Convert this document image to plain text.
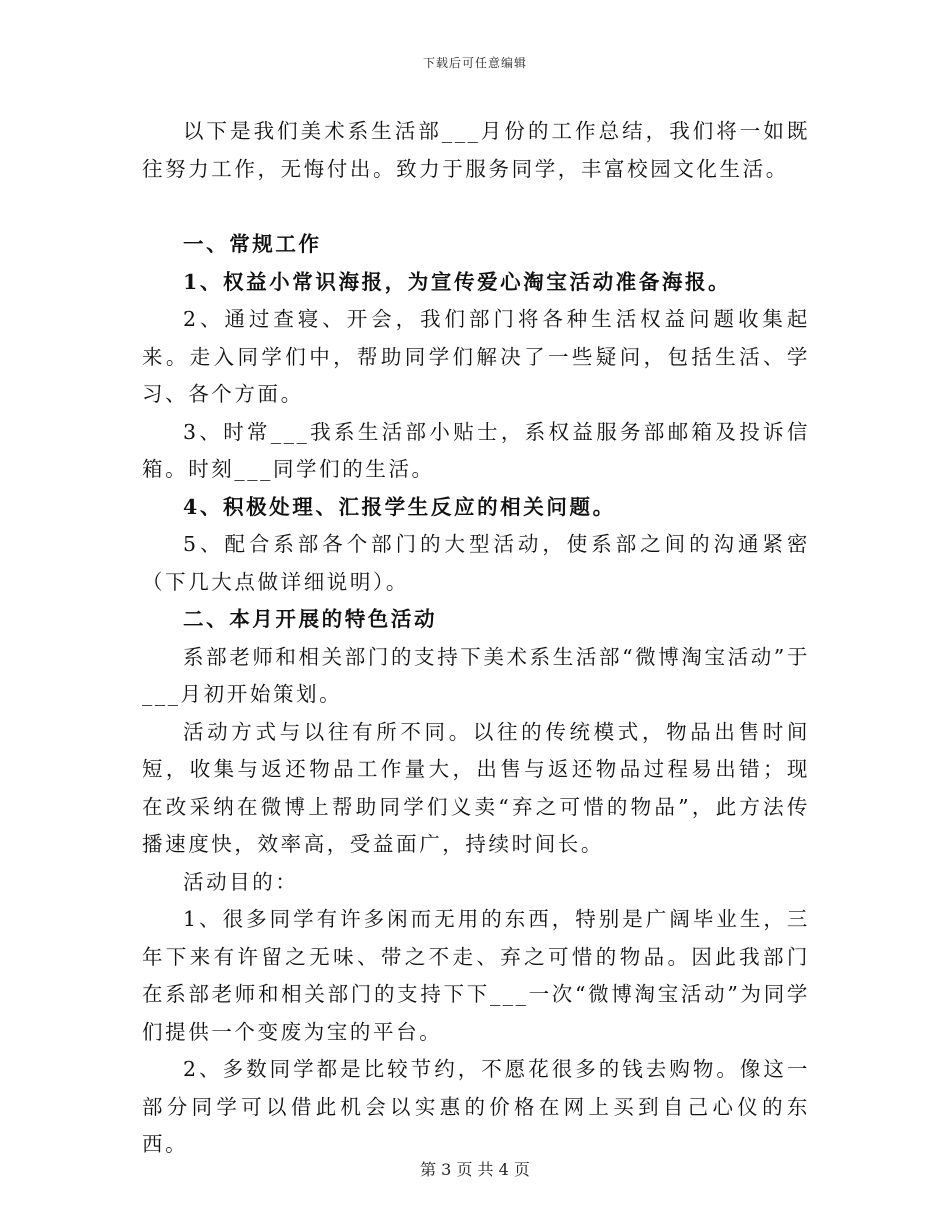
下载后可任意编辑

以下是我们美术系生活部___月份的工作总结，我们将一如既往努力工作，无悔付出。致力于服务同学，丰富校园文化生活。

一、常规工作

1、权益小常识海报，为宣传爱心淘宝活动准备海报。

2、通过查寝、开会，我们部门将各种生活权益问题收集起来。走入同学们中，帮助同学们解决了一些疑问，包括生活、学习、各个方面。

3、时常___我系生活部小贴士，系权益服务部邮箱及投诉信箱。时刻___同学们的生活。

4、积极处理、汇报学生反应的相关问题。

5、配合系部各个部门的大型活动，使系部之间的沟通紧密（下几大点做详细说明）。

二、本月开展的特色活动

系部老师和相关部门的支持下美术系生活部“微博淘宝活动”于___月初开始策划。

活动方式与以往有所不同。以往的传统模式，物品出售时间短，收集与返还物品工作量大，出售与返还物品过程易出错；现在改采纳在微博上帮助同学们义卖“弃之可惜的物品”，此方法传播速度快，效率高，受益面广，持续时间长。

活动目的：

1、很多同学有许多闲而无用的东西，特别是广阔毕业生，三年下来有许留之无味、带之不走、弃之可惜的物品。因此我部门在系部老师和相关部门的支持下下___一次“微博淘宝活动”为同学们提供一个变废为宝的平台。

2、多数同学都是比较节约，不愿花很多的钱去购物。像这一部分同学可以借此机会以实惠的价格在网上买到自己心仪的东西。

第 3 页 共 4 页
